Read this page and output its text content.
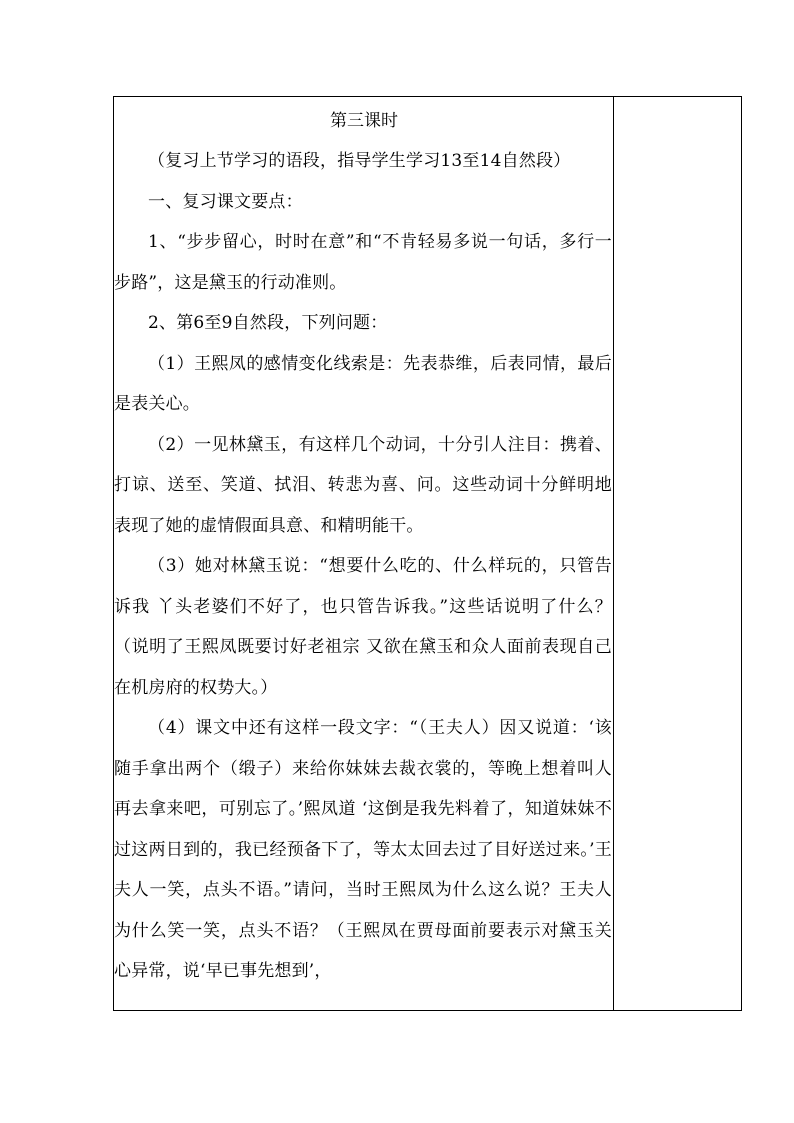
第三课时

（复习上节学习的语段，指导学生学习13至14自然段）

一、复习课文要点：

1、“步步留心，时时在意”和“不肯轻易多说一句话，多行一步路”，这是黛玉的行动准则。

2、第6至9自然段，下列问题：

（1）王熙凤的感情变化线索是：先表恭维，后表同情，最后是表关心。

（2）一见林黛玉，有这样几个动词，十分引人注目：携着、打谅、送至、笑道、拭泪、转悲为喜、问。这些动词十分鲜明地表现了她的虚情假面具意、和精明能干。

（3）她对林黛玉说：“想要什么吃的、什么样玩的，只管告诉我 丫头老婆们不好了，也只管告诉我。”这些话说明了什么？（说明了王熙凤既要讨好老祖宗 又欲在黛玉和众人面前表现自己在机房府的权势大。）

（4）课文中还有这样一段文字：“（王夫人）因又说道：‘该随手拿出两个（缎子）来给你妹妹去裁衣裳的，等晚上想着叫人再去拿来吧，可别忘了。’熙凤道 ‘这倒是我先料着了，知道妹妹不过这两日到的，我已经预备下了，等太太回去过了目好送过来。’王夫人一笑，点头不语。”请问，当时王熙凤为什么这么说？王夫人为什么笑一笑，点头不语？（王熙凤在贾母面前要表示对黛玉关心异常，说‘早已事先想到’，
